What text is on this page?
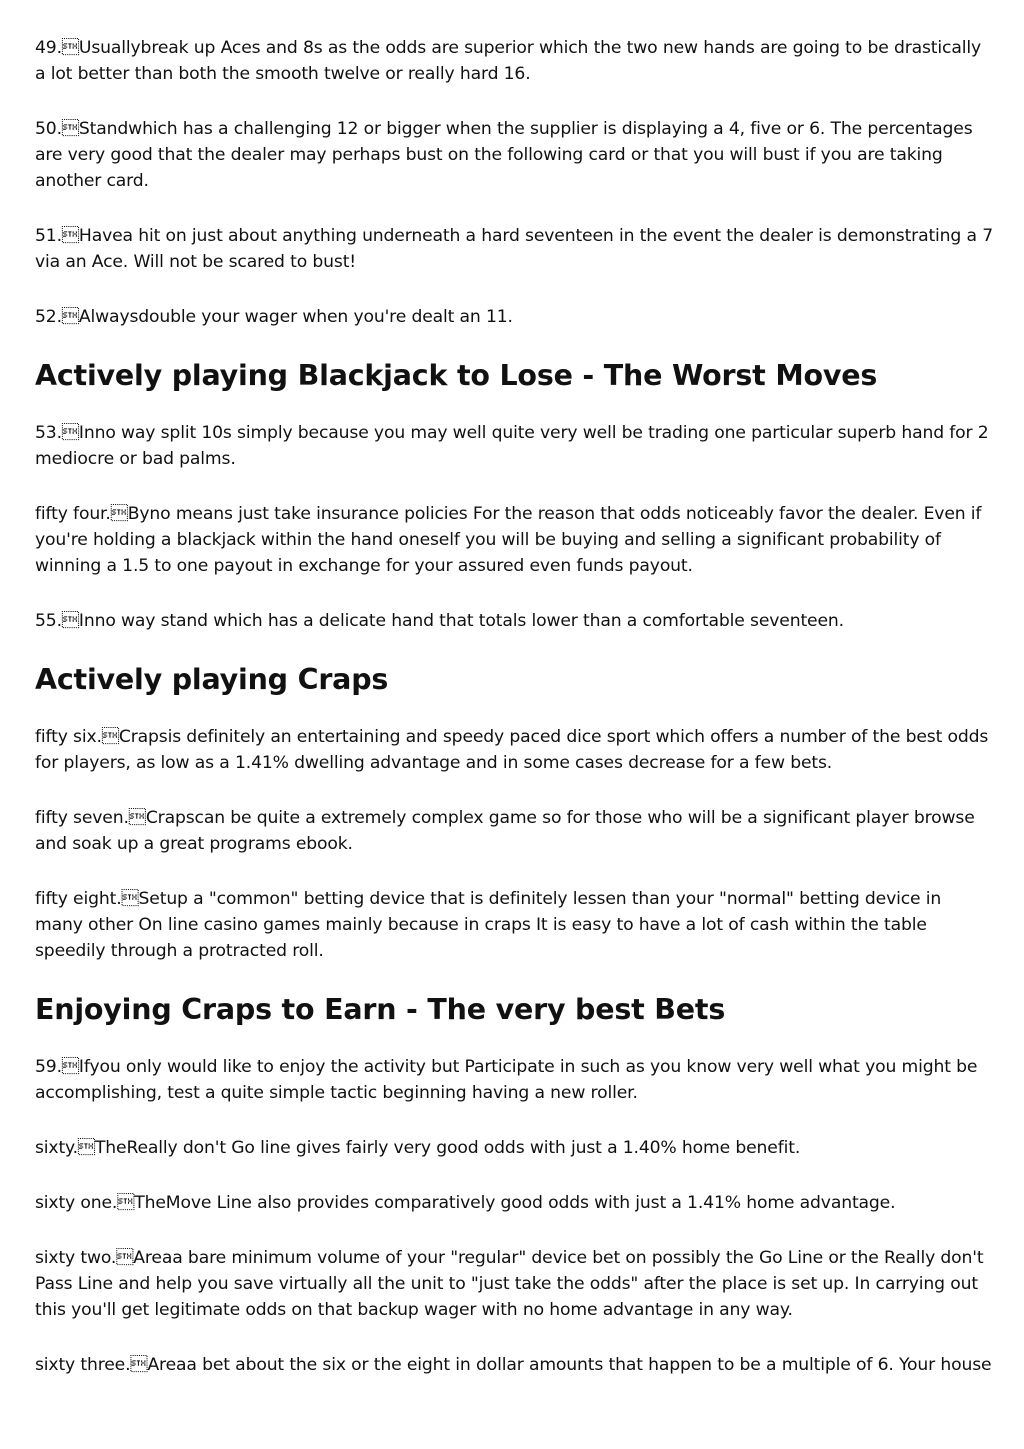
49.Usuallybreak up Aces and 8s as the odds are superior which the two new hands are going to be drastically a lot better than both the smooth twelve or really hard 16.

50.Standwhich has a challenging 12 or bigger when the supplier is displaying a 4, five or 6. The percentages are very good that the dealer may perhaps bust on the following card or that you will bust if you are taking another card.

51.Havea hit on just about anything underneath a hard seventeen in the event the dealer is demonstrating a 7 via an Ace. Will not be scared to bust!

52.Alwaysdouble your wager when you're dealt an 11.

Actively playing Blackjack to Lose - The Worst Moves

53.Inno way split 10s simply because you may well quite very well be trading one particular superb hand for 2 mediocre or bad palms.

fifty four.Byno means just take insurance policies For the reason that odds noticeably favor the dealer. Even if you're holding a blackjack within the hand oneself you will be buying and selling a significant probability of winning a 1.5 to one payout in exchange for your assured even funds payout.

55.Inno way stand which has a delicate hand that totals lower than a comfortable seventeen.

Actively playing Craps

fifty six.Crapsis definitely an entertaining and speedy paced dice sport which offers a number of the best odds for players, as low as a 1.41% dwelling advantage and in some cases decrease for a few bets.

fifty seven.Crapscan be quite a extremely complex game so for those who will be a significant player browse and soak up a great programs ebook.

fifty eight.Setup a "common" betting device that is definitely lessen than your "normal" betting device in many other On line casino games mainly because in craps It is easy to have a lot of cash within the table speedily through a protracted roll.

Enjoying Craps to Earn - The very best Bets

59.Ifyou only would like to enjoy the activity but Participate in such as you know very well what you might be accomplishing, test a quite simple tactic beginning having a new roller.

sixty.TheReally don't Go line gives fairly very good odds with just a 1.40% home benefit.

sixty one.TheMove Line also provides comparatively good odds with just a 1.41% home advantage.

sixty two.Areaa bare minimum volume of your "regular" device bet on possibly the Go Line or the Really don't Pass Line and help you save virtually all the unit to "just take the odds" after the place is set up. In carrying out this you'll get legitimate odds on that backup wager with no home advantage in any way.

sixty three.Areaa bet about the six or the eight in dollar amounts that happen to be a multiple of 6. Your house
